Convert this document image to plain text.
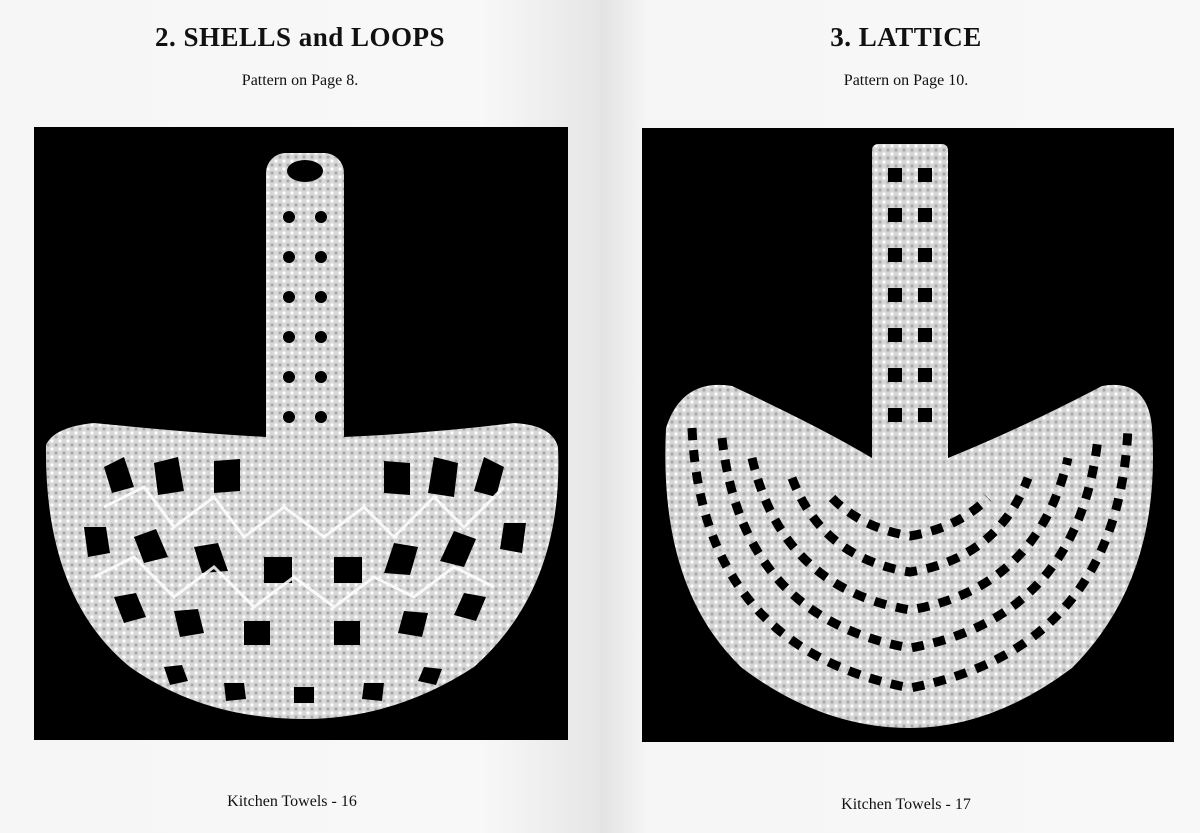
2. SHELLS and LOOPS
Pattern on Page 8.
Kitchen Towels - 16
3. LATTICE
Pattern on Page 10.
Kitchen Towels - 17
